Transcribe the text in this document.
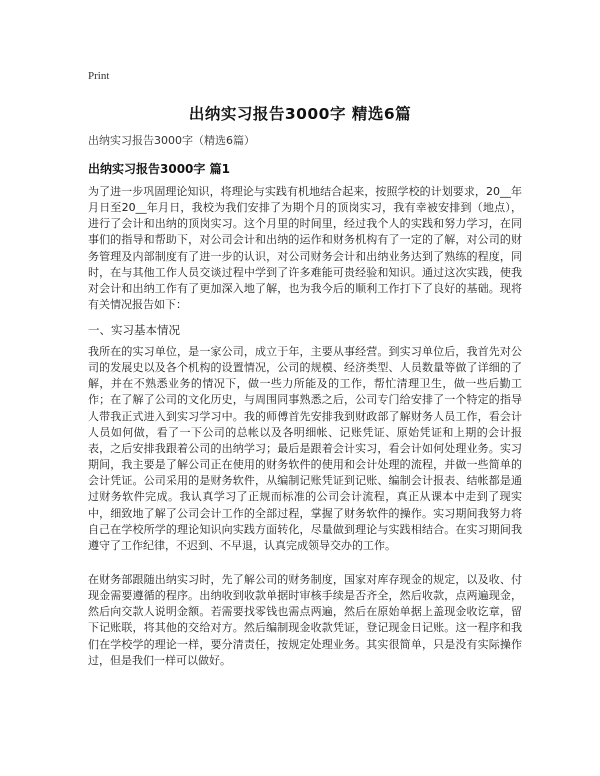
Print
出纳实习报告3000字 精选6篇
出纳实习报告3000字（精选6篇）
出纳实习报告3000字 篇1

为了进一步巩固理论知识，将理论与实践有机地结合起来，按照学校的计划要求，20__年月日至20__年月日，我校为我们安排了为期个月的顶岗实习，我有幸被安排到（地点），进行了会计和出纳的顶岗实习。这个月里的时间里，经过我个人的实践和努力学习，在同事们的指导和帮助下，对公司会计和出纳的运作和财务机构有了一定的了解，对公司的财务管理及内部制度有了进一步的认识，对公司财务会计和出纳业务达到了熟练的程度，同时，在与其他工作人员交谈过程中学到了许多难能可贵经验和知识。通过这次实践，使我对会计和出纳工作有了更加深入地了解，也为我今后的顺利工作打下了良好的基础。现将有关情况报告如下：

一、实习基本情况

我所在的实习单位，是一家公司，成立于年，主要从事经营。到实习单位后，我首先对公司的发展史以及各个机构的设置情况，公司的规模、经济类型、人员数量等做了详细的了解，并在不熟悉业务的情况下，做一些力所能及的工作，帮忙清理卫生，做一些后勤工作；在了解了公司的文化历史，与周围同事熟悉之后，公司专门给安排了一个特定的指导人带我正式进入到实习学习中。我的师傅首先安排我到财政部了解财务人员工作，看会计人员如何做，看了一下公司的总帐以及各明细帐、记账凭证、原始凭证和上期的会计报表，之后安排我跟着公司的出纳学习；最后是跟着会计实习，看会计如何处理业务。实习期间，我主要是了解公司正在使用的财务软件的使用和会计处理的流程，并做一些简单的会计凭证。公司采用的是财务软件，从编制记账凭证到记账、编制会计报表、结帐都是通过财务软件完成。我认真学习了正规而标准的公司会计流程，真正从课本中走到了现实中，细致地了解了公司会计工作的全部过程，掌握了财务软件的操作。实习期间我努力将自己在学校所学的理论知识向实践方面转化，尽量做到理论与实践相结合。在实习期间我遵守了工作纪律，不迟到、不早退，认真完成领导交办的工作。

在财务部跟随出纳实习时，先了解公司的财务制度，国家对库存现金的规定，以及收、付现金需要遵循的程序。出纳收到收款单据时审核手续是否齐全，然后收款，点两遍现金，然后向交款人说明金额。若需要找零钱也需点两遍，然后在原始单据上盖现金收讫章，留下记账联，将其他的交给对方。然后编制现金收款凭证，登记现金日记账。这一程序和我们在学校学的理论一样，要分清责任，按规定处理业务。其实很简单，只是没有实际操作过，但是我们一样可以做好。
